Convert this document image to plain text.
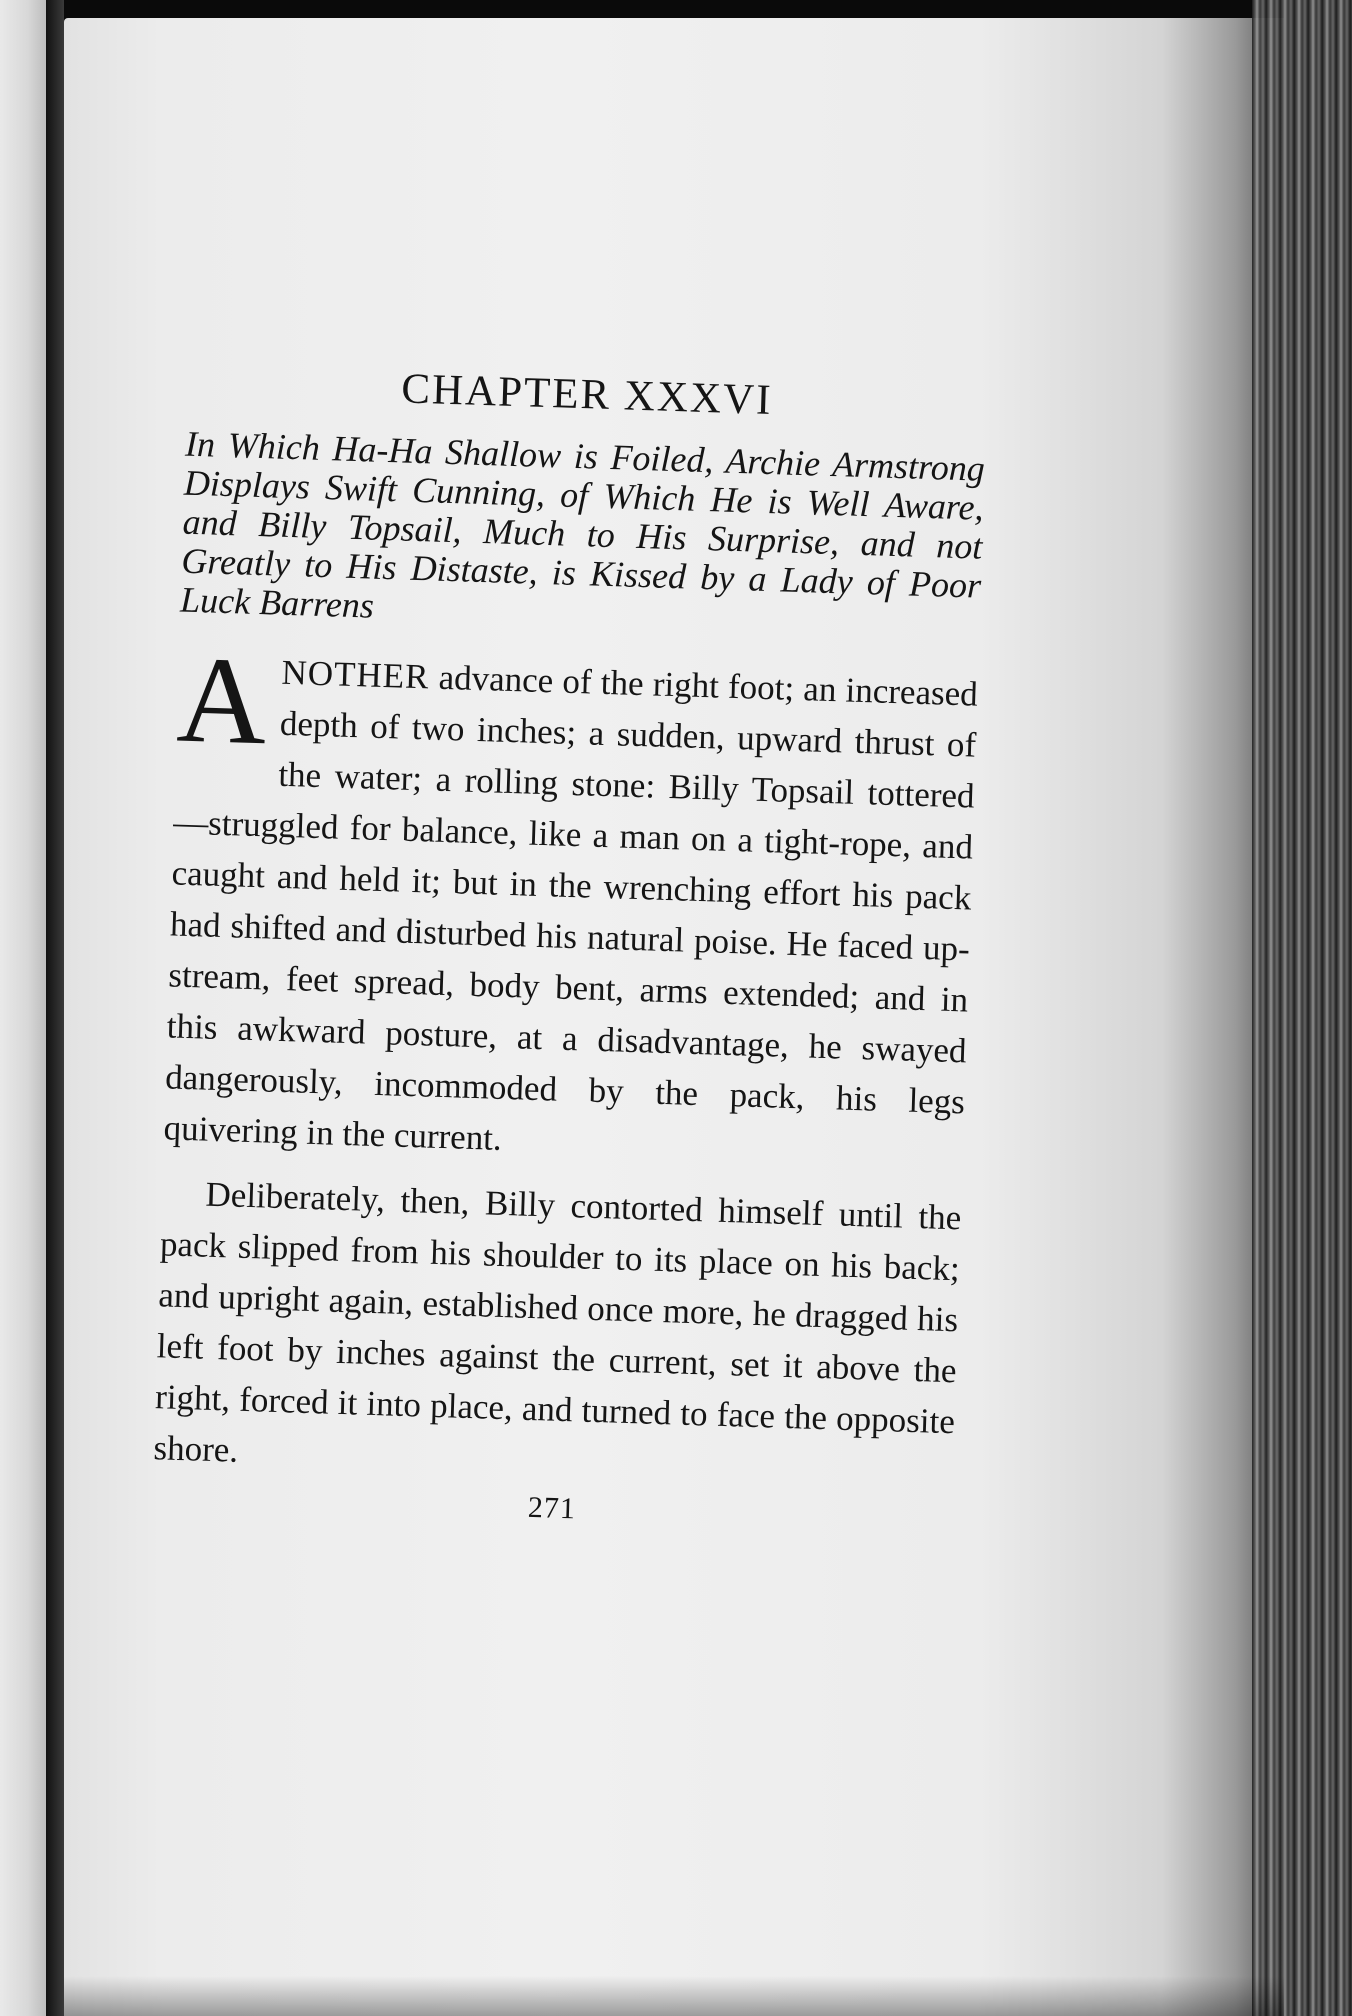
CHAPTER XXXVI

In Which Ha-Ha Shallow is Foiled, Archie Armstrong Displays Swift Cunning, of Which He is Well Aware, and Billy Topsail, Much to His Surprise, and not Greatly to His Distaste, is Kissed by a Lady of Poor Luck Barrens

ANOTHER advance of the right foot; an increased depth of two inches; a sudden, upward thrust of the water; a rolling stone: Billy Topsail tottered—struggled for balance, like a man on a tight-rope, and caught and held it; but in the wrenching effort his pack had shifted and disturbed his natural poise. He faced up-stream, feet spread, body bent, arms extended; and in this awkward posture, at a disadvantage, he swayed dangerously, incommoded by the pack, his legs quivering in the current.

Deliberately, then, Billy contorted himself until the pack slipped from his shoulder to its place on his back; and upright again, established once more, he dragged his left foot by inches against the current, set it above the right, forced it into place, and turned to face the opposite shore.

271
